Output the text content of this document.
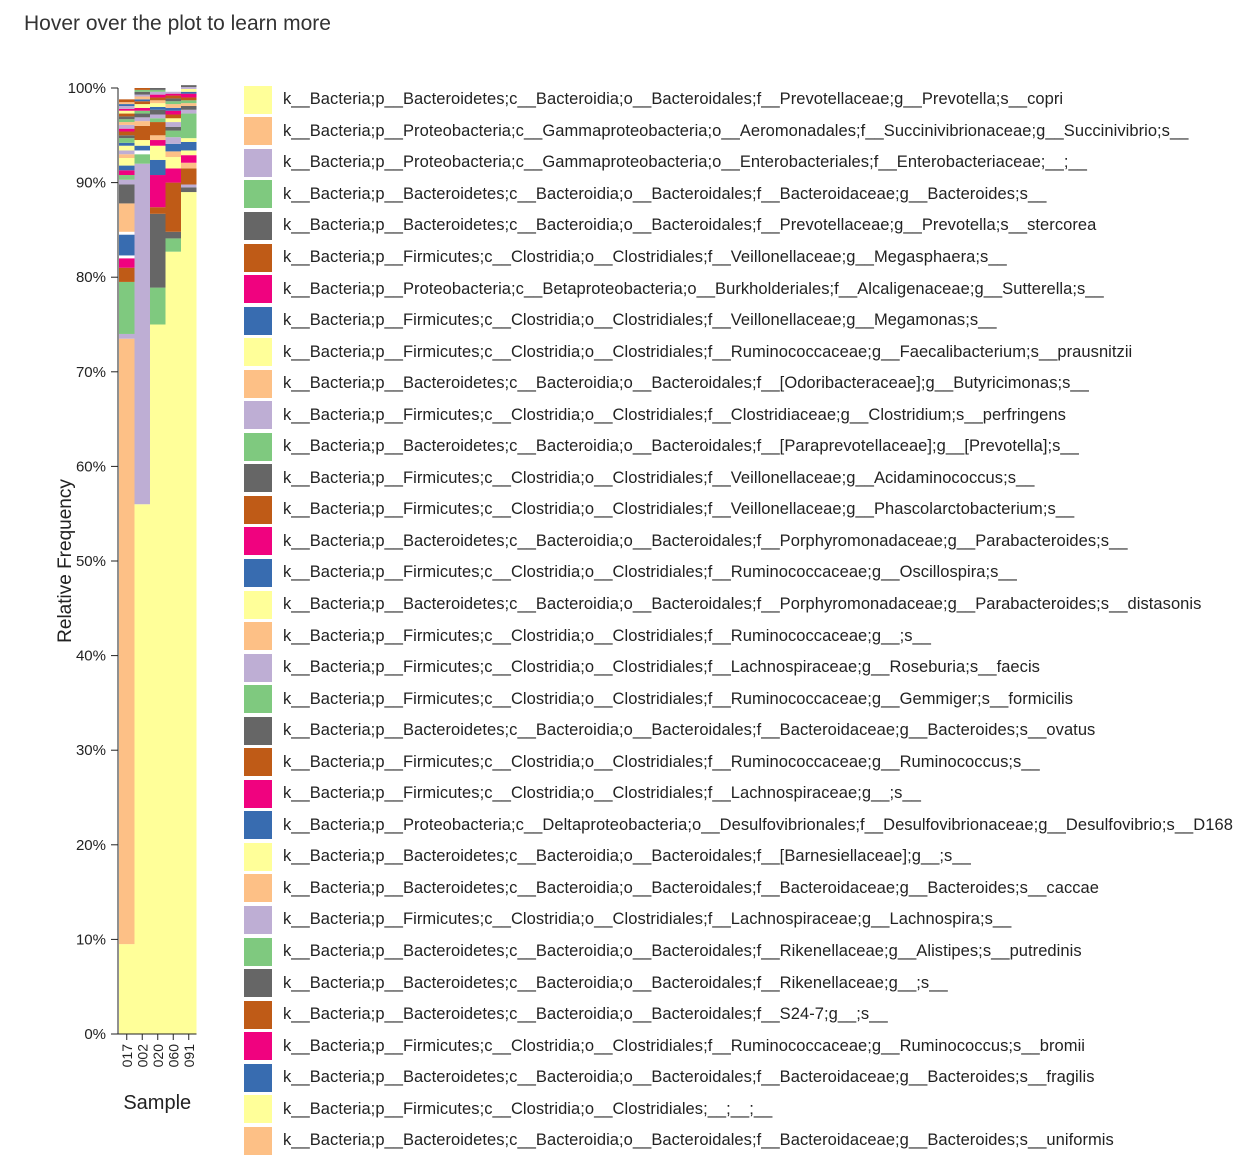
Hover over the plot to learn more
0%
10%
20%
30%
40%
50%
60%
70%
80%
90%
100%
017 002 020 060 091
Sample
Relative Frequency
k__Bacteria;p__Bacteroidetes;c__Bacteroidia;o__Bacteroidales;f__Prevotellaceae;g__Prevotella;s__copri
k__Bacteria;p__Proteobacteria;c__Gammaproteobacteria;o__Aeromonadales;f__Succinivibrionaceae;g__Succinivibrio;s__
k__Bacteria;p__Proteobacteria;c__Gammaproteobacteria;o__Enterobacteriales;f__Enterobacteriaceae;__;__
k__Bacteria;p__Bacteroidetes;c__Bacteroidia;o__Bacteroidales;f__Bacteroidaceae;g__Bacteroides;s__
k__Bacteria;p__Bacteroidetes;c__Bacteroidia;o__Bacteroidales;f__Prevotellaceae;g__Prevotella;s__stercorea
k__Bacteria;p__Firmicutes;c__Clostridia;o__Clostridiales;f__Veillonellaceae;g__Megasphaera;s__
k__Bacteria;p__Proteobacteria;c__Betaproteobacteria;o__Burkholderiales;f__Alcaligenaceae;g__Sutterella;s__
k__Bacteria;p__Firmicutes;c__Clostridia;o__Clostridiales;f__Veillonellaceae;g__Megamonas;s__
k__Bacteria;p__Firmicutes;c__Clostridia;o__Clostridiales;f__Ruminococcaceae;g__Faecalibacterium;s__prausnitzii
k__Bacteria;p__Bacteroidetes;c__Bacteroidia;o__Bacteroidales;f__[Odoribacteraceae];g__Butyricimonas;s__
k__Bacteria;p__Firmicutes;c__Clostridia;o__Clostridiales;f__Clostridiaceae;g__Clostridium;s__perfringens
k__Bacteria;p__Bacteroidetes;c__Bacteroidia;o__Bacteroidales;f__[Paraprevotellaceae];g__[Prevotella];s__
k__Bacteria;p__Firmicutes;c__Clostridia;o__Clostridiales;f__Veillonellaceae;g__Acidaminococcus;s__
k__Bacteria;p__Firmicutes;c__Clostridia;o__Clostridiales;f__Veillonellaceae;g__Phascolarctobacterium;s__
k__Bacteria;p__Bacteroidetes;c__Bacteroidia;o__Bacteroidales;f__Porphyromonadaceae;g__Parabacteroides;s__
k__Bacteria;p__Firmicutes;c__Clostridia;o__Clostridiales;f__Ruminococcaceae;g__Oscillospira;s__
k__Bacteria;p__Bacteroidetes;c__Bacteroidia;o__Bacteroidales;f__Porphyromonadaceae;g__Parabacteroides;s__distasonis
k__Bacteria;p__Firmicutes;c__Clostridia;o__Clostridiales;f__Ruminococcaceae;g__;s__
k__Bacteria;p__Firmicutes;c__Clostridia;o__Clostridiales;f__Lachnospiraceae;g__Roseburia;s__faecis
k__Bacteria;p__Firmicutes;c__Clostridia;o__Clostridiales;f__Ruminococcaceae;g__Gemmiger;s__formicilis
k__Bacteria;p__Bacteroidetes;c__Bacteroidia;o__Bacteroidales;f__Bacteroidaceae;g__Bacteroides;s__ovatus
k__Bacteria;p__Firmicutes;c__Clostridia;o__Clostridiales;f__Ruminococcaceae;g__Ruminococcus;s__
k__Bacteria;p__Firmicutes;c__Clostridia;o__Clostridiales;f__Lachnospiraceae;g__;s__
k__Bacteria;p__Proteobacteria;c__Deltaproteobacteria;o__Desulfovibrionales;f__Desulfovibrionaceae;g__Desulfovibrio;s__D168
k__Bacteria;p__Bacteroidetes;c__Bacteroidia;o__Bacteroidales;f__[Barnesiellaceae];g__;s__
k__Bacteria;p__Bacteroidetes;c__Bacteroidia;o__Bacteroidales;f__Bacteroidaceae;g__Bacteroides;s__caccae
k__Bacteria;p__Firmicutes;c__Clostridia;o__Clostridiales;f__Lachnospiraceae;g__Lachnospira;s__
k__Bacteria;p__Bacteroidetes;c__Bacteroidia;o__Bacteroidales;f__Rikenellaceae;g__Alistipes;s__putredinis
k__Bacteria;p__Bacteroidetes;c__Bacteroidia;o__Bacteroidales;f__Rikenellaceae;g__;s__
k__Bacteria;p__Bacteroidetes;c__Bacteroidia;o__Bacteroidales;f__S24-7;g__;s__
k__Bacteria;p__Firmicutes;c__Clostridia;o__Clostridiales;f__Ruminococcaceae;g__Ruminococcus;s__bromii
k__Bacteria;p__Bacteroidetes;c__Bacteroidia;o__Bacteroidales;f__Bacteroidaceae;g__Bacteroides;s__fragilis
k__Bacteria;p__Firmicutes;c__Clostridia;o__Clostridiales;__;__;__
k__Bacteria;p__Bacteroidetes;c__Bacteroidia;o__Bacteroidales;f__Bacteroidaceae;g__Bacteroides;s__uniformis
